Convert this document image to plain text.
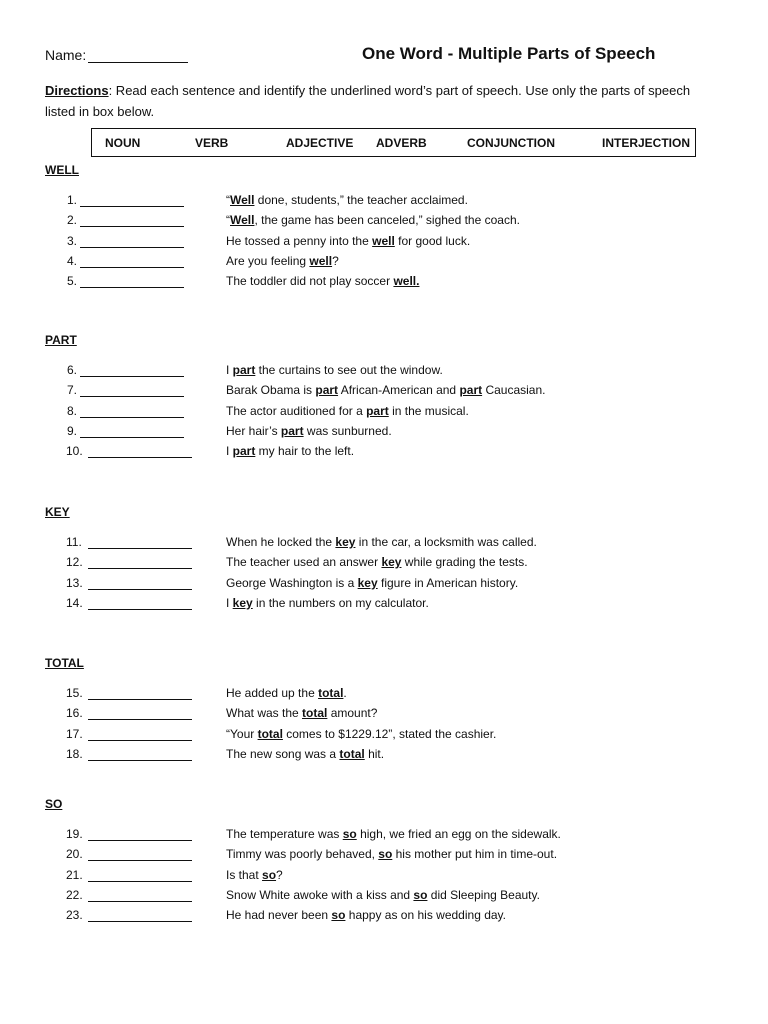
Name:	One Word - Multiple Parts of Speech
Directions: Read each sentence and identify the underlined word’s part of speech. Use only the parts of speech listed in box below.
NOUN	VERB	ADJECTIVE ADVERB	CONJUNCTION	INTERJECTION
WELL
1.	“Well done, students,” the teacher acclaimed.
2.	“Well, the game has been canceled,” sighed the coach.
3.	He tossed a penny into the well for good luck.
4.	Are you feeling well?
5.	The toddler did not play soccer well.
PART
6.	I part the curtains to see out the window.
7.	Barak Obama is part African-American and part Caucasian.
8.	The actor auditioned for a part in the musical.
9.	Her hair’s part was sunburned.
10.	I part my hair to the left.
KEY
11.	When he locked the key in the car, a locksmith was called.
12.	The teacher used an answer key while grading the tests.
13.	George Washington is a key figure in American history.
14.	I key in the numbers on my calculator.
TOTAL
15.	He added up the total.
16.	What was the total amount?
17.	“Your total comes to $1229.12”, stated the cashier.
18.	The new song was a total hit.
SO
19.	The temperature was so high, we fried an egg on the sidewalk.
20.	Timmy was poorly behaved, so his mother put him in time-out.
21.	Is that so?
22.	Snow White awoke with a kiss and so did Sleeping Beauty.
23.	He had never been so happy as on his wedding day.
